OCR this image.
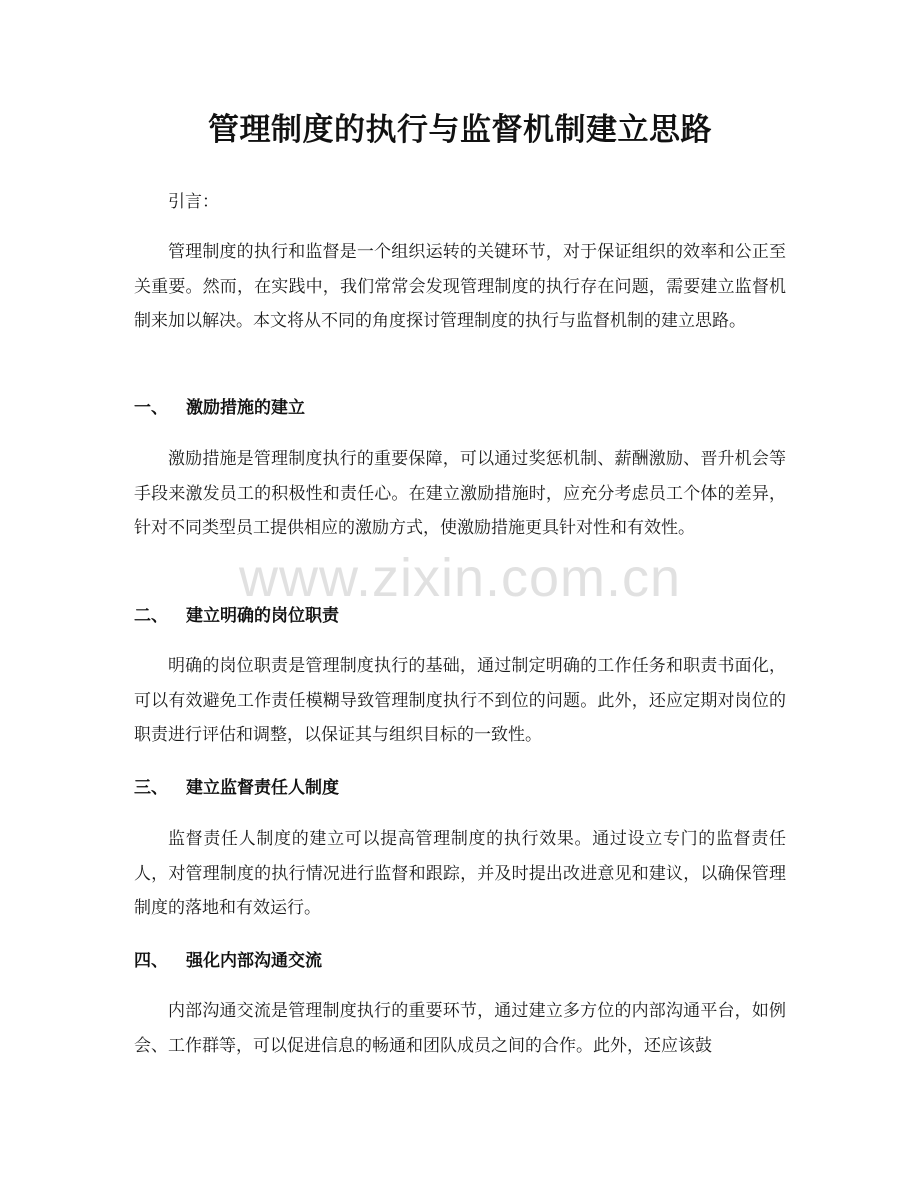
管理制度的执行与监督机制建立思路
引言：

管理制度的执行和监督是一个组织运转的关键环节，对于保证组织的效率和公正至关重要。然而，在实践中，我们常常会发现管理制度的执行存在问题，需要建立监督机制来加以解决。本文将从不同的角度探讨管理制度的执行与监督机制的建立思路。

一、 激励措施的建立

激励措施是管理制度执行的重要保障，可以通过奖惩机制、薪酬激励、晋升机会等手段来激发员工的积极性和责任心。在建立激励措施时，应充分考虑员工个体的差异，针对不同类型员工提供相应的激励方式，使激励措施更具针对性和有效性。

二、 建立明确的岗位职责

明确的岗位职责是管理制度执行的基础，通过制定明确的工作任务和职责书面化，可以有效避免工作责任模糊导致管理制度执行不到位的问题。此外，还应定期对岗位的职责进行评估和调整，以保证其与组织目标的一致性。

三、 建立监督责任人制度

监督责任人制度的建立可以提高管理制度的执行效果。通过设立专门的监督责任人，对管理制度的执行情况进行监督和跟踪，并及时提出改进意见和建议，以确保管理制度的落地和有效运行。

四、 强化内部沟通交流

内部沟通交流是管理制度执行的重要环节，通过建立多方位的内部沟通平台，如例会、工作群等，可以促进信息的畅通和团队成员之间的合作。此外，还应该鼓

www.zixin.com.cn
